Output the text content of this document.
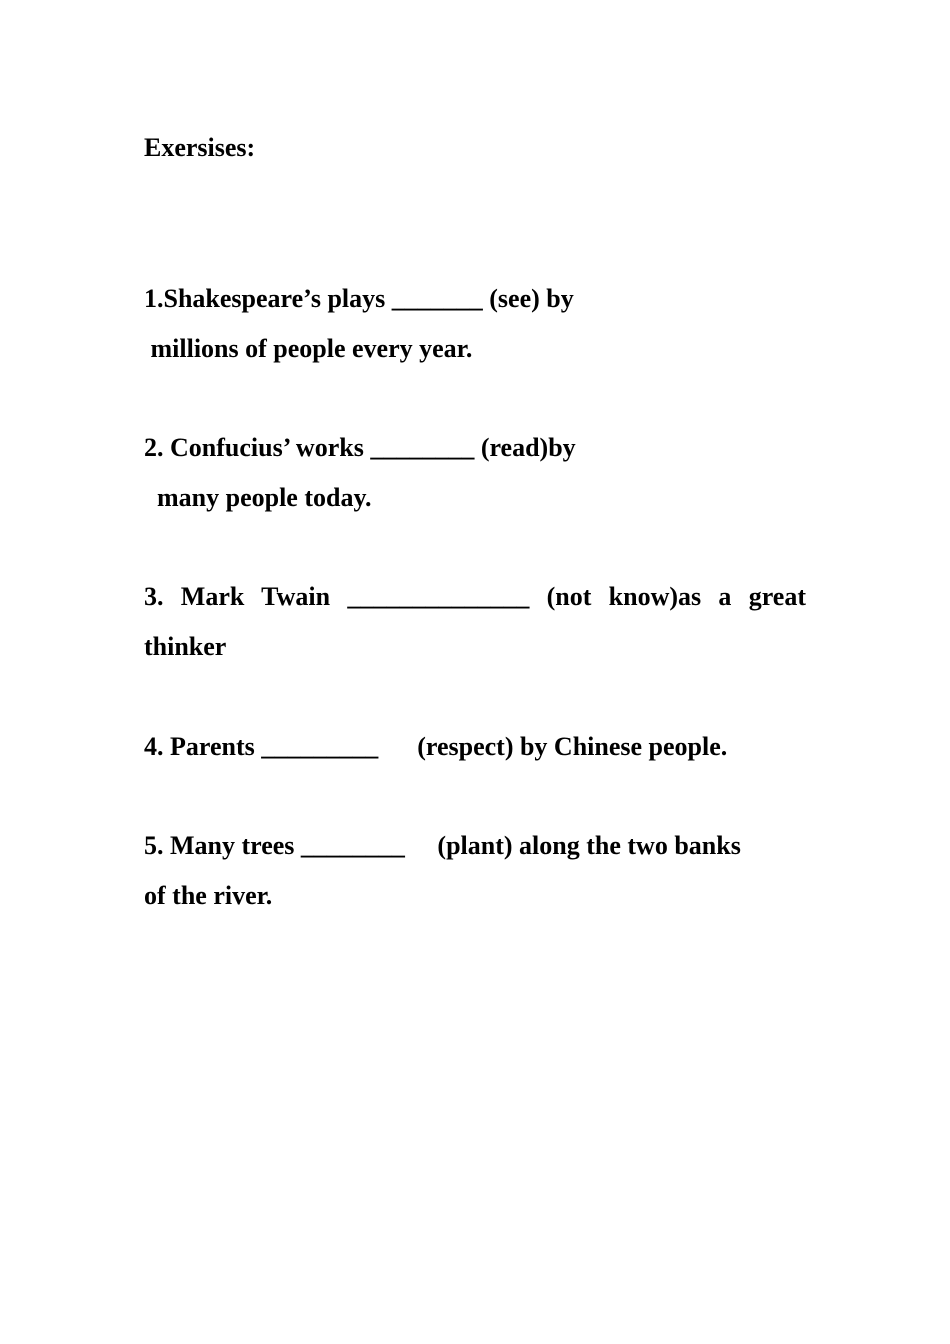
Exersises:
1.Shakespeare’s plays _______ (see) by
millions of people every year.
2. Confucius’ works ________ (read)by
many people today.
3. Mark Twain ______________ (not know)as a great
thinker
4. Parents _________      (respect) by Chinese people.
5. Many trees ________     (plant) along the two banks
of the river.
